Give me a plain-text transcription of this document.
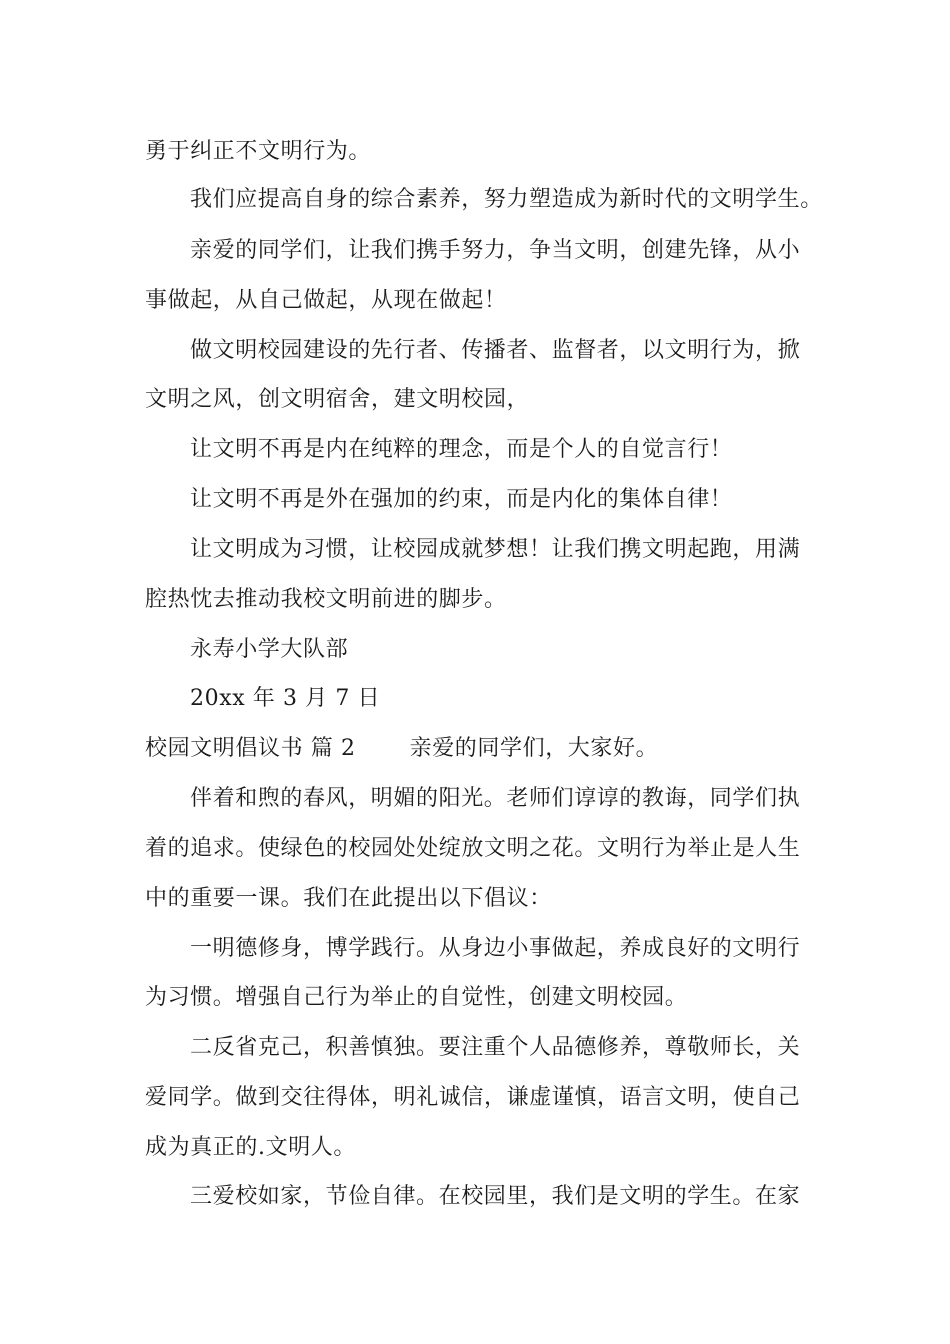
勇于纠正不文明行为。
我们应提高自身的综合素养，努力塑造成为新时代的文明学生。
亲爱的同学们，让我们携手努力，争当文明，创建先锋，从小
事做起，从自己做起，从现在做起！
做文明校园建设的先行者、传播者、监督者，以文明行为，掀
文明之风，创文明宿舍，建文明校园，
让文明不再是内在纯粹的理念，而是个人的自觉言行！
让文明不再是外在强加的约束，而是内化的集体自律！
让文明成为习惯，让校园成就梦想！让我们携文明起跑，用满
腔热忱去推动我校文明前进的脚步。
永寿小学大队部
20xx 年 3 月 7 日
校园文明倡议书 篇 2 亲爱的同学们，大家好。
伴着和煦的春风，明媚的阳光。老师们谆谆的教诲，同学们执
着的追求。使绿色的校园处处绽放文明之花。文明行为举止是人生
中的重要一课。我们在此提出以下倡议：
一明德修身，博学践行。从身边小事做起，养成良好的文明行
为习惯。增强自己行为举止的自觉性，创建文明校园。
二反省克己，积善慎独。要注重个人品德修养，尊敬师长，关
爱同学。做到交往得体，明礼诚信，谦虚谨慎，语言文明，使自己
成为真正的.文明人。
三爱校如家，节俭自律。在校园里，我们是文明的学生。在家
